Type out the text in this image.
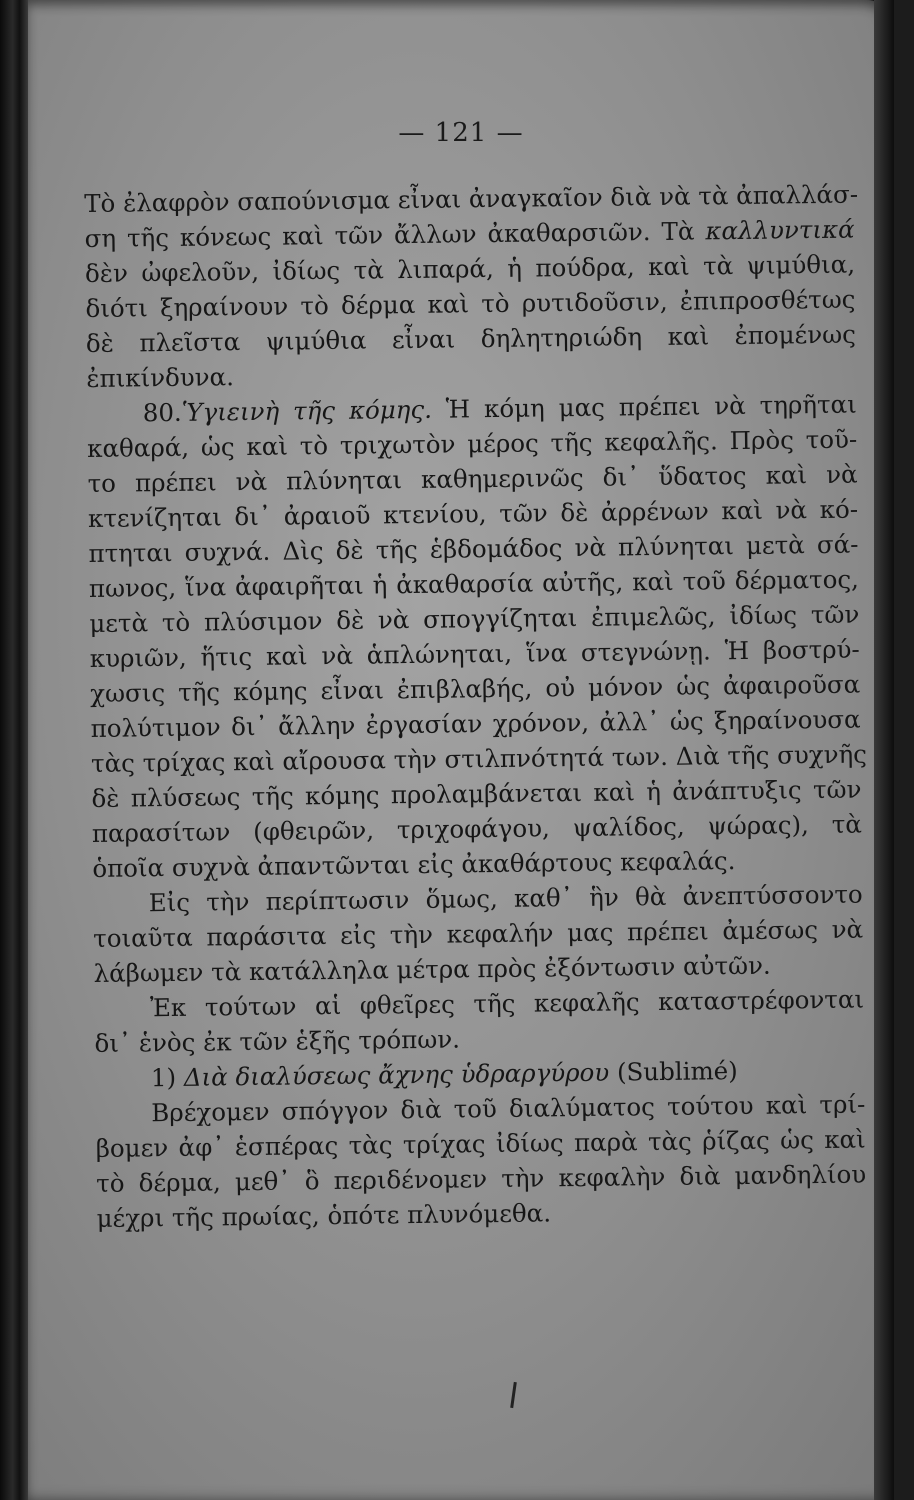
— 121 —

Τὸ ἐλαφρὸν σαπούνισμα εἶναι ἀναγκαῖον διὰ νὰ τὰ ἀπαλλάσ-

ση τῆς κόνεως καὶ τῶν ἄλλων ἀκαθαρσιῶν. Τὰ καλλυντικά

δὲν ὠφελοῦν, ἰδίως τὰ λιπαρά, ἡ πούδρα, καὶ τὰ ψιμύθια,

διότι ξηραίνουν τὸ δέρμα καὶ τὸ ρυτιδοῦσιν, ἐπιπροσθέτως

δὲ πλεῖστα ψιμύθια εἶναι δηλητηριώδη καὶ ἐπομένως

ἐπικίνδυνα.

80.Ὑγιεινὴ τῆς κόμης. Ἡ κόμη μας πρέπει νὰ τηρῆται

καθαρά, ὡς καὶ τὸ τριχωτὸν μέρος τῆς κεφαλῆς. Πρὸς τοῦ-

το πρέπει νὰ πλύνηται καθημερινῶς δι᾽ ὕδατος καὶ νὰ

κτενίζηται δι᾽ ἀραιοῦ κτενίου, τῶν δὲ ἀρρένων καὶ νὰ κό-

πτηται συχνά. Δὶς δὲ τῆς ἑβδομάδος νὰ πλύνηται μετὰ σά-

πωνος, ἵνα ἀφαιρῆται ἡ ἀκαθαρσία αὐτῆς, καὶ τοῦ δέρματος,

μετὰ τὸ πλύσιμον δὲ νὰ σπογγίζηται ἐπιμελῶς, ἰδίως τῶν

κυριῶν, ἥτις καὶ νὰ ἁπλώνηται, ἵνα στεγνώνῃ. Ἡ βοστρύ-

χωσις τῆς κόμης εἶναι ἐπιβλαβής, οὐ μόνον ὡς ἀφαιροῦσα

πολύτιμον δι᾽ ἄλλην ἐργασίαν χρόνον, ἀλλ᾽ ὡς ξηραίνουσα

τὰς τρίχας καὶ αἴρουσα τὴν στιλπνότητά των. Διὰ τῆς συχνῆς

δὲ πλύσεως τῆς κόμης προλαμβάνεται καὶ ἡ ἀνάπτυξις τῶν

παρασίτων (φθειρῶν, τριχοφάγου, ψαλίδος, ψώρας), τὰ

ὁποῖα συχνὰ ἀπαντῶνται εἰς ἀκαθάρτους κεφαλάς.

Εἰς τὴν περίπτωσιν ὅμως, καθ᾽ ἣν θὰ ἀνεπτύσσοντο

τοιαῦτα παράσιτα εἰς τὴν κεφαλήν μας πρέπει ἀμέσως νὰ

λάβωμεν τὰ κατάλληλα μέτρα πρὸς ἐξόντωσιν αὐτῶν.

Ἐκ τούτων αἱ φθεῖρες τῆς κεφαλῆς καταστρέφονται

δι᾽ ἑνὸς ἐκ τῶν ἑξῆς τρόπων.

1) Διὰ διαλύσεως ἄχνης ὑδραργύρου (Sublimé)

Βρέχομεν σπόγγον διὰ τοῦ διαλύματος τούτου καὶ τρί-

βομεν ἀφ᾽ ἑσπέρας τὰς τρίχας ἰδίως παρὰ τὰς ῥίζας ὡς καὶ

τὸ δέρμα, μεθ᾽ ὃ περιδένομεν τὴν κεφαλὴν διὰ μανδηλίου

μέχρι τῆς πρωίας, ὁπότε πλυνόμεθα.
